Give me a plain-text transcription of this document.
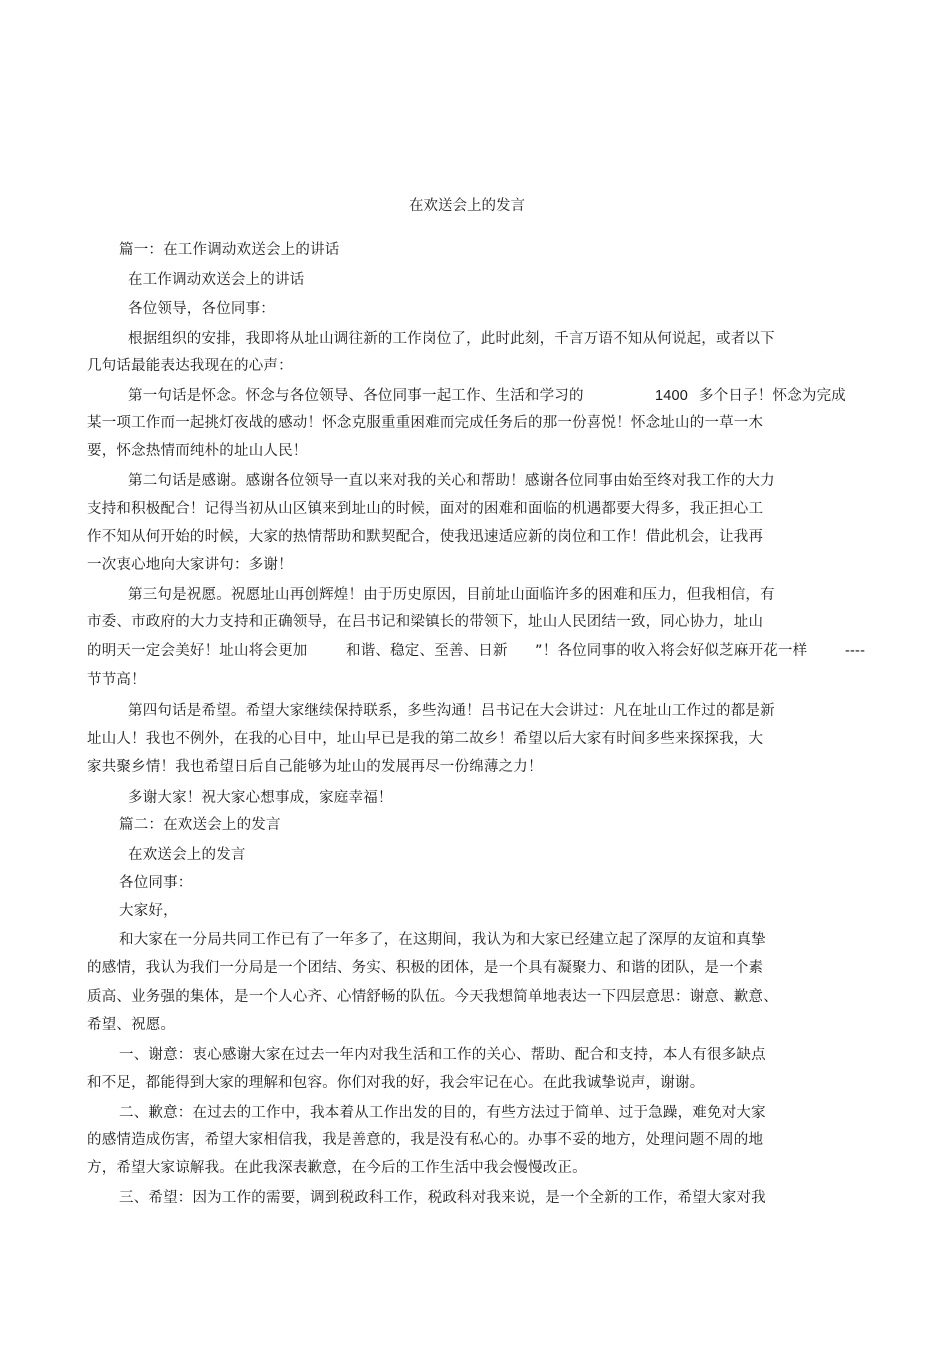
在欢送会上的发言
篇一：在工作调动欢送会上的讲话
在工作调动欢送会上的讲话
各位领导，各位同事：
根据组织的安排，我即将从址山调往新的工作岗位了，此时此刻，千言万语不知从何说起，或者以下
几句话最能表达我现在的心声：
第一句话是怀念。怀念与各位领导、各位同事一起工作、生活和学习的	1400 多个日子！怀念为完成
某一项工作而一起挑灯夜战的感动！怀念克服重重困难而完成任务后的那一份喜悦！怀念址山的一草一木
要，怀念热情而纯朴的址山人民！
第二句话是感谢。感谢各位领导一直以来对我的关心和帮助！感谢各位同事由始至终对我工作的大力
支持和积极配合！记得当初从山区镇来到址山的时候，面对的困难和面临的机遇都要大得多，我正担心工
作不知从何开始的时候，大家的热情帮助和默契配合，使我迅速适应新的岗位和工作！借此机会，让我再
一次衷心地向大家讲句：多谢！
第三句是祝愿。祝愿址山再创辉煌！由于历史原因，目前址山面临许多的困难和压力，但我相信，有
市委、市政府的大力支持和正确领导，在吕书记和梁镇长的带领下，址山人民团结一致，同心协力，址山
的明天一定会美好！址山将会更加	和谐、稳定、至善、日新 ”！各位同事的收入将会好似芝麻开花一样	----
节节高！
第四句话是希望。希望大家继续保持联系，多些沟通！吕书记在大会讲过：凡在址山工作过的都是新
址山人！我也不例外，在我的心目中，址山早已是我的第二故乡！希望以后大家有时间多些来探探我，大
家共聚乡情！我也希望日后自己能够为址山的发展再尽一份绵薄之力！
多谢大家！祝大家心想事成，家庭幸福！
篇二：在欢送会上的发言
在欢送会上的发言
各位同事：
大家好，
和大家在一分局共同工作已有了一年多了，在这期间，我认为和大家已经建立起了深厚的友谊和真挚
的感情，我认为我们一分局是一个团结、务实、积极的团体，是一个具有凝聚力、和谐的团队，是一个素
质高、业务强的集体，是一个人心齐、心情舒畅的队伍。今天我想简单地表达一下四层意思：谢意、歉意、
希望、祝愿。
一、谢意：衷心感谢大家在过去一年内对我生活和工作的关心、帮助、配合和支持，本人有很多缺点
和不足，都能得到大家的理解和包容。你们对我的好，我会牢记在心。在此我诚挚说声，谢谢。
二、歉意：在过去的工作中，我本着从工作出发的目的，有些方法过于简单、过于急躁，难免对大家
的感情造成伤害，希望大家相信我，我是善意的，我是没有私心的。办事不妥的地方，处理问题不周的地
方，希望大家谅解我。在此我深表歉意，在今后的工作生活中我会慢慢改正。
三、希望：因为工作的需要，调到税政科工作，税政科对我来说，是一个全新的工作，希望大家对我
